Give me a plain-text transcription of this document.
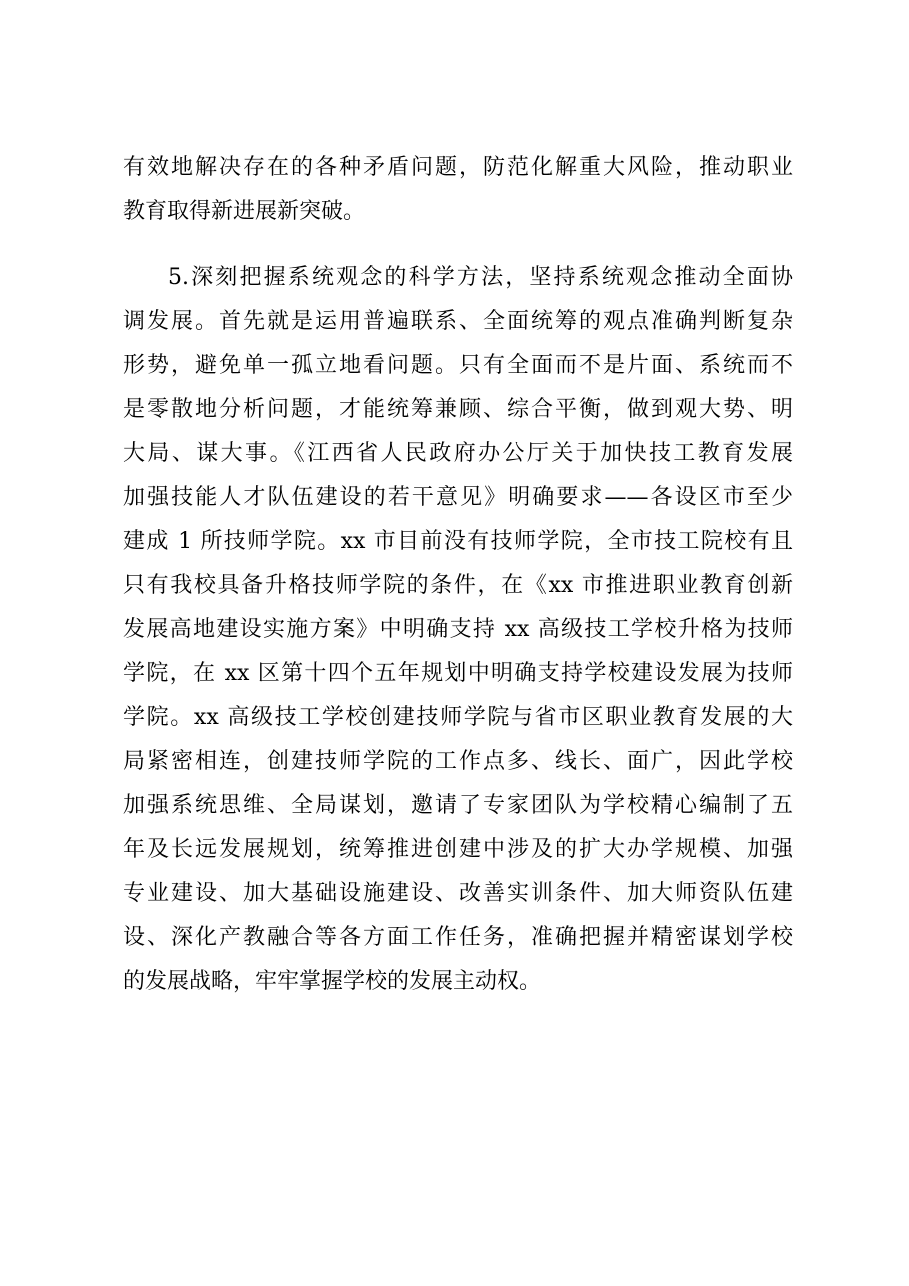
有效地解决存在的各种矛盾问题，防范化解重大风险，推动职业
教育取得新进展新突破。
5.深刻把握系统观念的科学方法，坚持系统观念推动全面协
调发展。首先就是运用普遍联系、全面统筹的观点准确判断复杂
形势，避免单一孤立地看问题。只有全面而不是片面、系统而不
是零散地分析问题，才能统筹兼顾、综合平衡，做到观大势、明
大局、谋大事。《江西省人民政府办公厅关于加快技工教育发展
加强技能人才队伍建设的若干意见》明确要求——各设区市至少
建成 1 所技师学院。xx 市目前没有技师学院，全市技工院校有且
只有我校具备升格技师学院的条件，在《xx 市推进职业教育创新
发展高地建设实施方案》中明确支持 xx 高级技工学校升格为技师
学院，在 xx 区第十四个五年规划中明确支持学校建设发展为技师
学院。xx 高级技工学校创建技师学院与省市区职业教育发展的大
局紧密相连，创建技师学院的工作点多、线长、面广，因此学校
加强系统思维、全局谋划，邀请了专家团队为学校精心编制了五
年及长远发展规划，统筹推进创建中涉及的扩大办学规模、加强
专业建设、加大基础设施建设、改善实训条件、加大师资队伍建
设、深化产教融合等各方面工作任务，准确把握并精密谋划学校
的发展战略，牢牢掌握学校的发展主动权。
